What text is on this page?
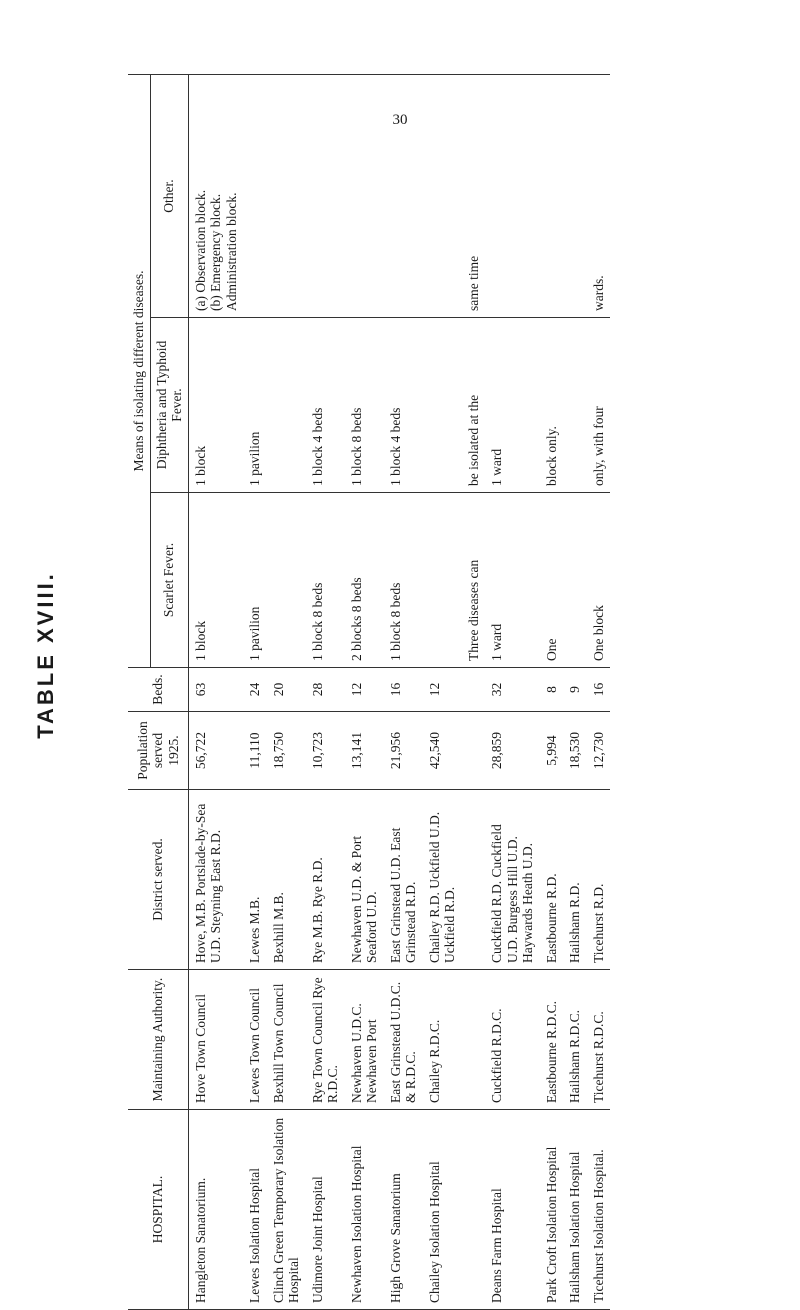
30
TABLE XVIII.
HOSPITAL.	Maintaining Authority.	District served.	Population served 1925.	Beds.	Means of isolating different diseases.		
					Scarlet Fever.	Diphtheria and Typhoid Fever.	Other.
Hangleton Sanatorium.	Hove Town Council	Hove, M.B. Portslade-by-Sea U.D. Steyning East R.D.	56,722	63	1 block	1 block	(a) Observation block. (b) Emergency block. Administration block.

Lewes Isolation Hospital	Lewes Town Council	Lewes M.B.	11,110	24	1 pavilion	1 pavilion	
Clinch Green Temporary Isolation Hospital	Bexhill Town Council	Bexhill M.B.	18,750	20			
Udimore Joint Hospital	Rye Town Council Rye R.D.C.	Rye M.B. Rye R.D.	10,723	28	1 block 8 beds	1 block 4 beds	
Newhaven Isolation Hospital	Newhaven U.D.C. Newhaven Port	Newhaven U.D. & Port Seaford U.D.	13,141	12	2 blocks 8 beds	1 block 8 beds	
High Grove Sanatorium	East Grinstead U.D.C. & R.D.C.	East Grinstead U.D. East Grinstead R.D.	21,956	16	1 block 8 beds	1 block 4 beds	
Chailey Isolation Hospital	Chailey R.D.C.	Chailey R.D. Uckfield U.D. Uckfield R.D.	42,540	12			
					Three diseases can	be isolated at the	same time
Deans Farm Hospital	Cuckfield R.D.C.	Cuckfield R.D. Cuckfield U.D. Burgess Hill U.D. Haywards Heath U.D.	28,859	32	1 ward	1 ward	
Park Croft Isolation Hospital	Eastbourne R.D.C.	Eastbourne R.D.	5,994	8	One	block only.	
Hailsham Isolation Hospital	Hailsham R.D.C.	Hailsham R.D.	18,530	9			
Ticehurst Isolation Hospital.	Ticehurst R.D.C.	Ticehurst R.D.	12,730	16	One block	only, with four	wards.
